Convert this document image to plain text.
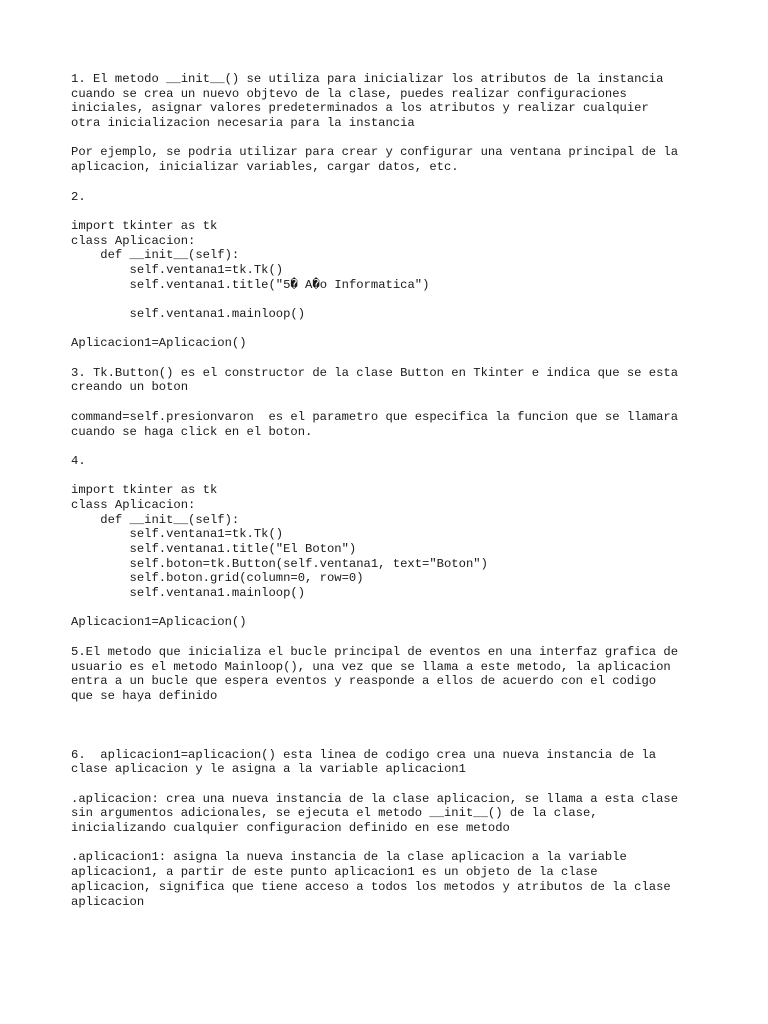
1. El metodo __init__() se utiliza para inicializar los atributos de la instancia
cuando se crea un nuevo objtevo de la clase, puedes realizar configuraciones
iniciales, asignar valores predeterminados a los atributos y realizar cualquier
otra inicializacion necesaria para la instancia
Por ejemplo, se podria utilizar para crear y configurar una ventana principal de la
aplicacion, inicializar variables, cargar datos, etc.
2.
import tkinter as tk
class Aplicacion:
def __init__(self):
self.ventana1=tk.Tk()
self.ventana1.title("5� A�o Informatica")
self.ventana1.mainloop()
Aplicacion1=Aplicacion()
3. Tk.Button() es el constructor de la clase Button en Tkinter e indica que se esta
creando un boton
command=self.presionvaron  es el parametro que especifica la funcion que se llamara
cuando se haga click en el boton.
4.
import tkinter as tk
class Aplicacion:
def __init__(self):
self.ventana1=tk.Tk()
self.ventana1.title("El Boton")
self.boton=tk.Button(self.ventana1, text="Boton")
self.boton.grid(column=0, row=0)
self.ventana1.mainloop()
Aplicacion1=Aplicacion()
5.El metodo que inicializa el bucle principal de eventos en una interfaz grafica de
usuario es el metodo Mainloop(), una vez que se llama a este metodo, la aplicacion
entra a un bucle que espera eventos y reasponde a ellos de acuerdo con el codigo
que se haya definido
6.  aplicacion1=aplicacion() esta linea de codigo crea una nueva instancia de la
clase aplicacion y le asigna a la variable aplicacion1
.aplicacion: crea una nueva instancia de la clase aplicacion, se llama a esta clase
sin argumentos adicionales, se ejecuta el metodo __init__() de la clase,
inicializando cualquier configuracion definido en ese metodo
.aplicacion1: asigna la nueva instancia de la clase aplicacion a la variable
aplicacion1, a partir de este punto aplicacion1 es un objeto de la clase
aplicacion, significa que tiene acceso a todos los metodos y atributos de la clase
aplicacion
